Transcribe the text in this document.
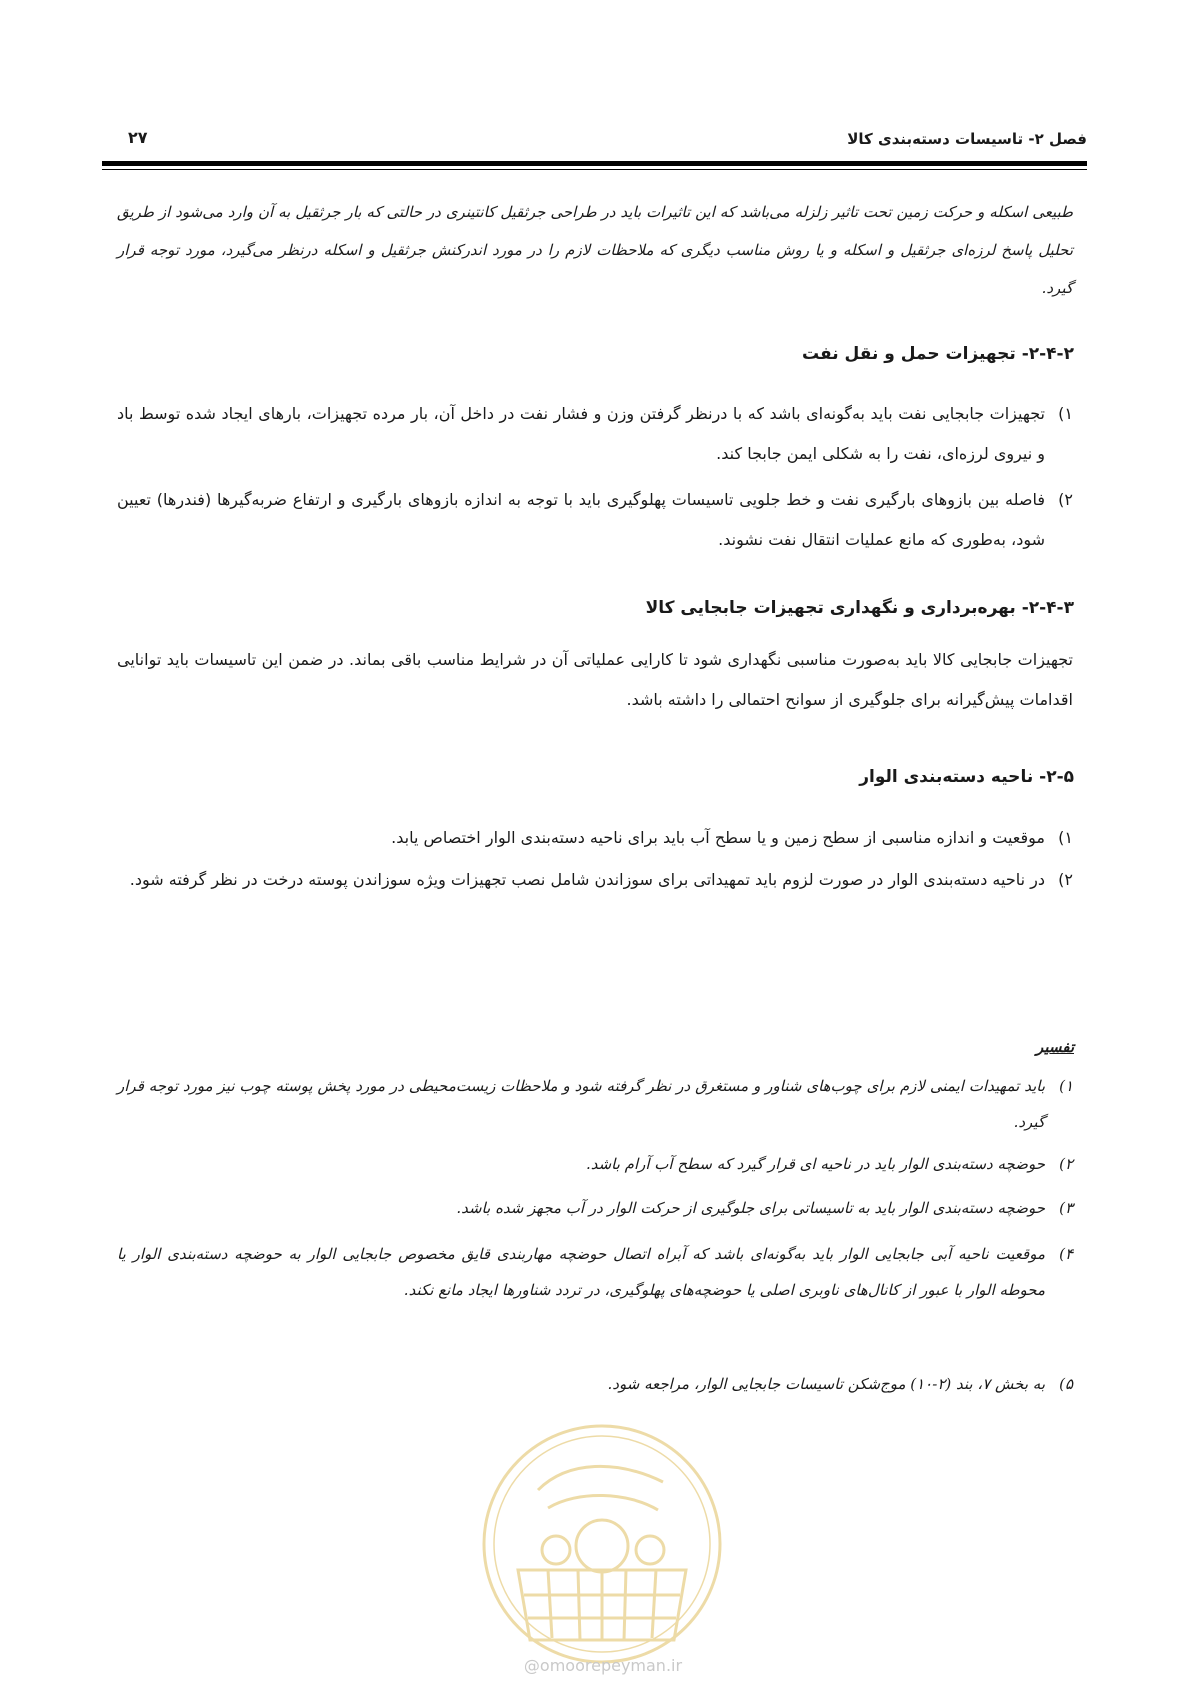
فصل ۲- تاسیسات دسته‌بندی کالا
۲۷
طبیعی اسکله و حرکت زمین تحت تاثیر زلزله می‌باشد که این تاثیرات باید در طراحی جرثقیل کانتینری در حالتی که بار جرثقیل به آن وارد می‌شود از طریق تحلیل پاسخ لرزه‌ای جرثقیل و اسکله و یا روش مناسب دیگری که ملاحظات لازم را در مورد اندرکنش جرثقیل و اسکله درنظر می‌گیرد، مورد توجه قرار گیرد.
۲-۴-۲- تجهیزات حمل و نقل نفت
۱)
تجهیزات جابجایی نفت باید به‌گونه‌ای باشد که با درنظر گرفتن وزن و فشار نفت در داخل آن، بار مرده تجهیزات، بارهای ایجاد شده توسط باد و نیروی لرزه‌ای، نفت را به شکلی ایمن جابجا کند.
۲)
فاصله بین بازوهای بارگیری نفت و خط جلویی تاسیسات پهلوگیری باید با توجه به اندازه بازوهای بارگیری و ارتفاع ضربه‌گیرها (فندرها) تعیین شود، به‌طوری که مانع عملیات انتقال نفت نشوند.
۲-۴-۳- بهره‌برداری و نگهداری تجهیزات جابجایی کالا
تجهیزات جابجایی کالا باید به‌صورت مناسبی نگهداری شود تا کارایی عملیاتی آن در شرایط مناسب باقی بماند. در ضمن این تاسیسات باید توانایی اقدامات پیش‌گیرانه برای جلوگیری از سوانح احتمالی را داشته باشد.
۲-۵- ناحیه دسته‌بندی الوار
۱)
موقعیت و اندازه مناسبی از سطح زمین و یا سطح آب باید برای ناحیه دسته‌بندی الوار اختصاص یابد.
۲)
در ناحیه دسته‌بندی الوار در صورت لزوم باید تمهیداتی برای سوزاندن شامل نصب تجهیزات ویژه سوزاندن پوسته درخت در نظر گرفته شود.
تفسیر
۱)
باید تمهیدات ایمنی لازم برای چوب‌های شناور و مستغرق در نظر گرفته شود و ملاحظات زیست‌محیطی در مورد پخش پوسته چوب نیز مورد توجه قرار گیرد.
۲)
حوضچه دسته‌بندی الوار باید در ناحیه ای قرار گیرد که سطح آب آرام باشد.
۳)
حوضچه دسته‌بندی الوار باید به تاسیساتی برای جلوگیری از حرکت الوار در آب مجهز شده باشد.
۴)
موقعیت ناحیه آبی جابجایی الوار باید به‌گونه‌ای باشد که آبراه اتصال حوضچه مهاربندی قایق مخصوص جابجایی الوار به حوضچه دسته‌بندی الوار یا محوطه الوار با عبور از کانال‌های ناوبری اصلی یا حوضچه‌های پهلوگیری، در تردد شناورها ایجاد مانع نکند.
۵)
به بخش ۷، بند (۲-۱۰) موج‌شکن تاسیسات جابجایی الوار، مراجعه شود.
@omoorepeyman.ir
